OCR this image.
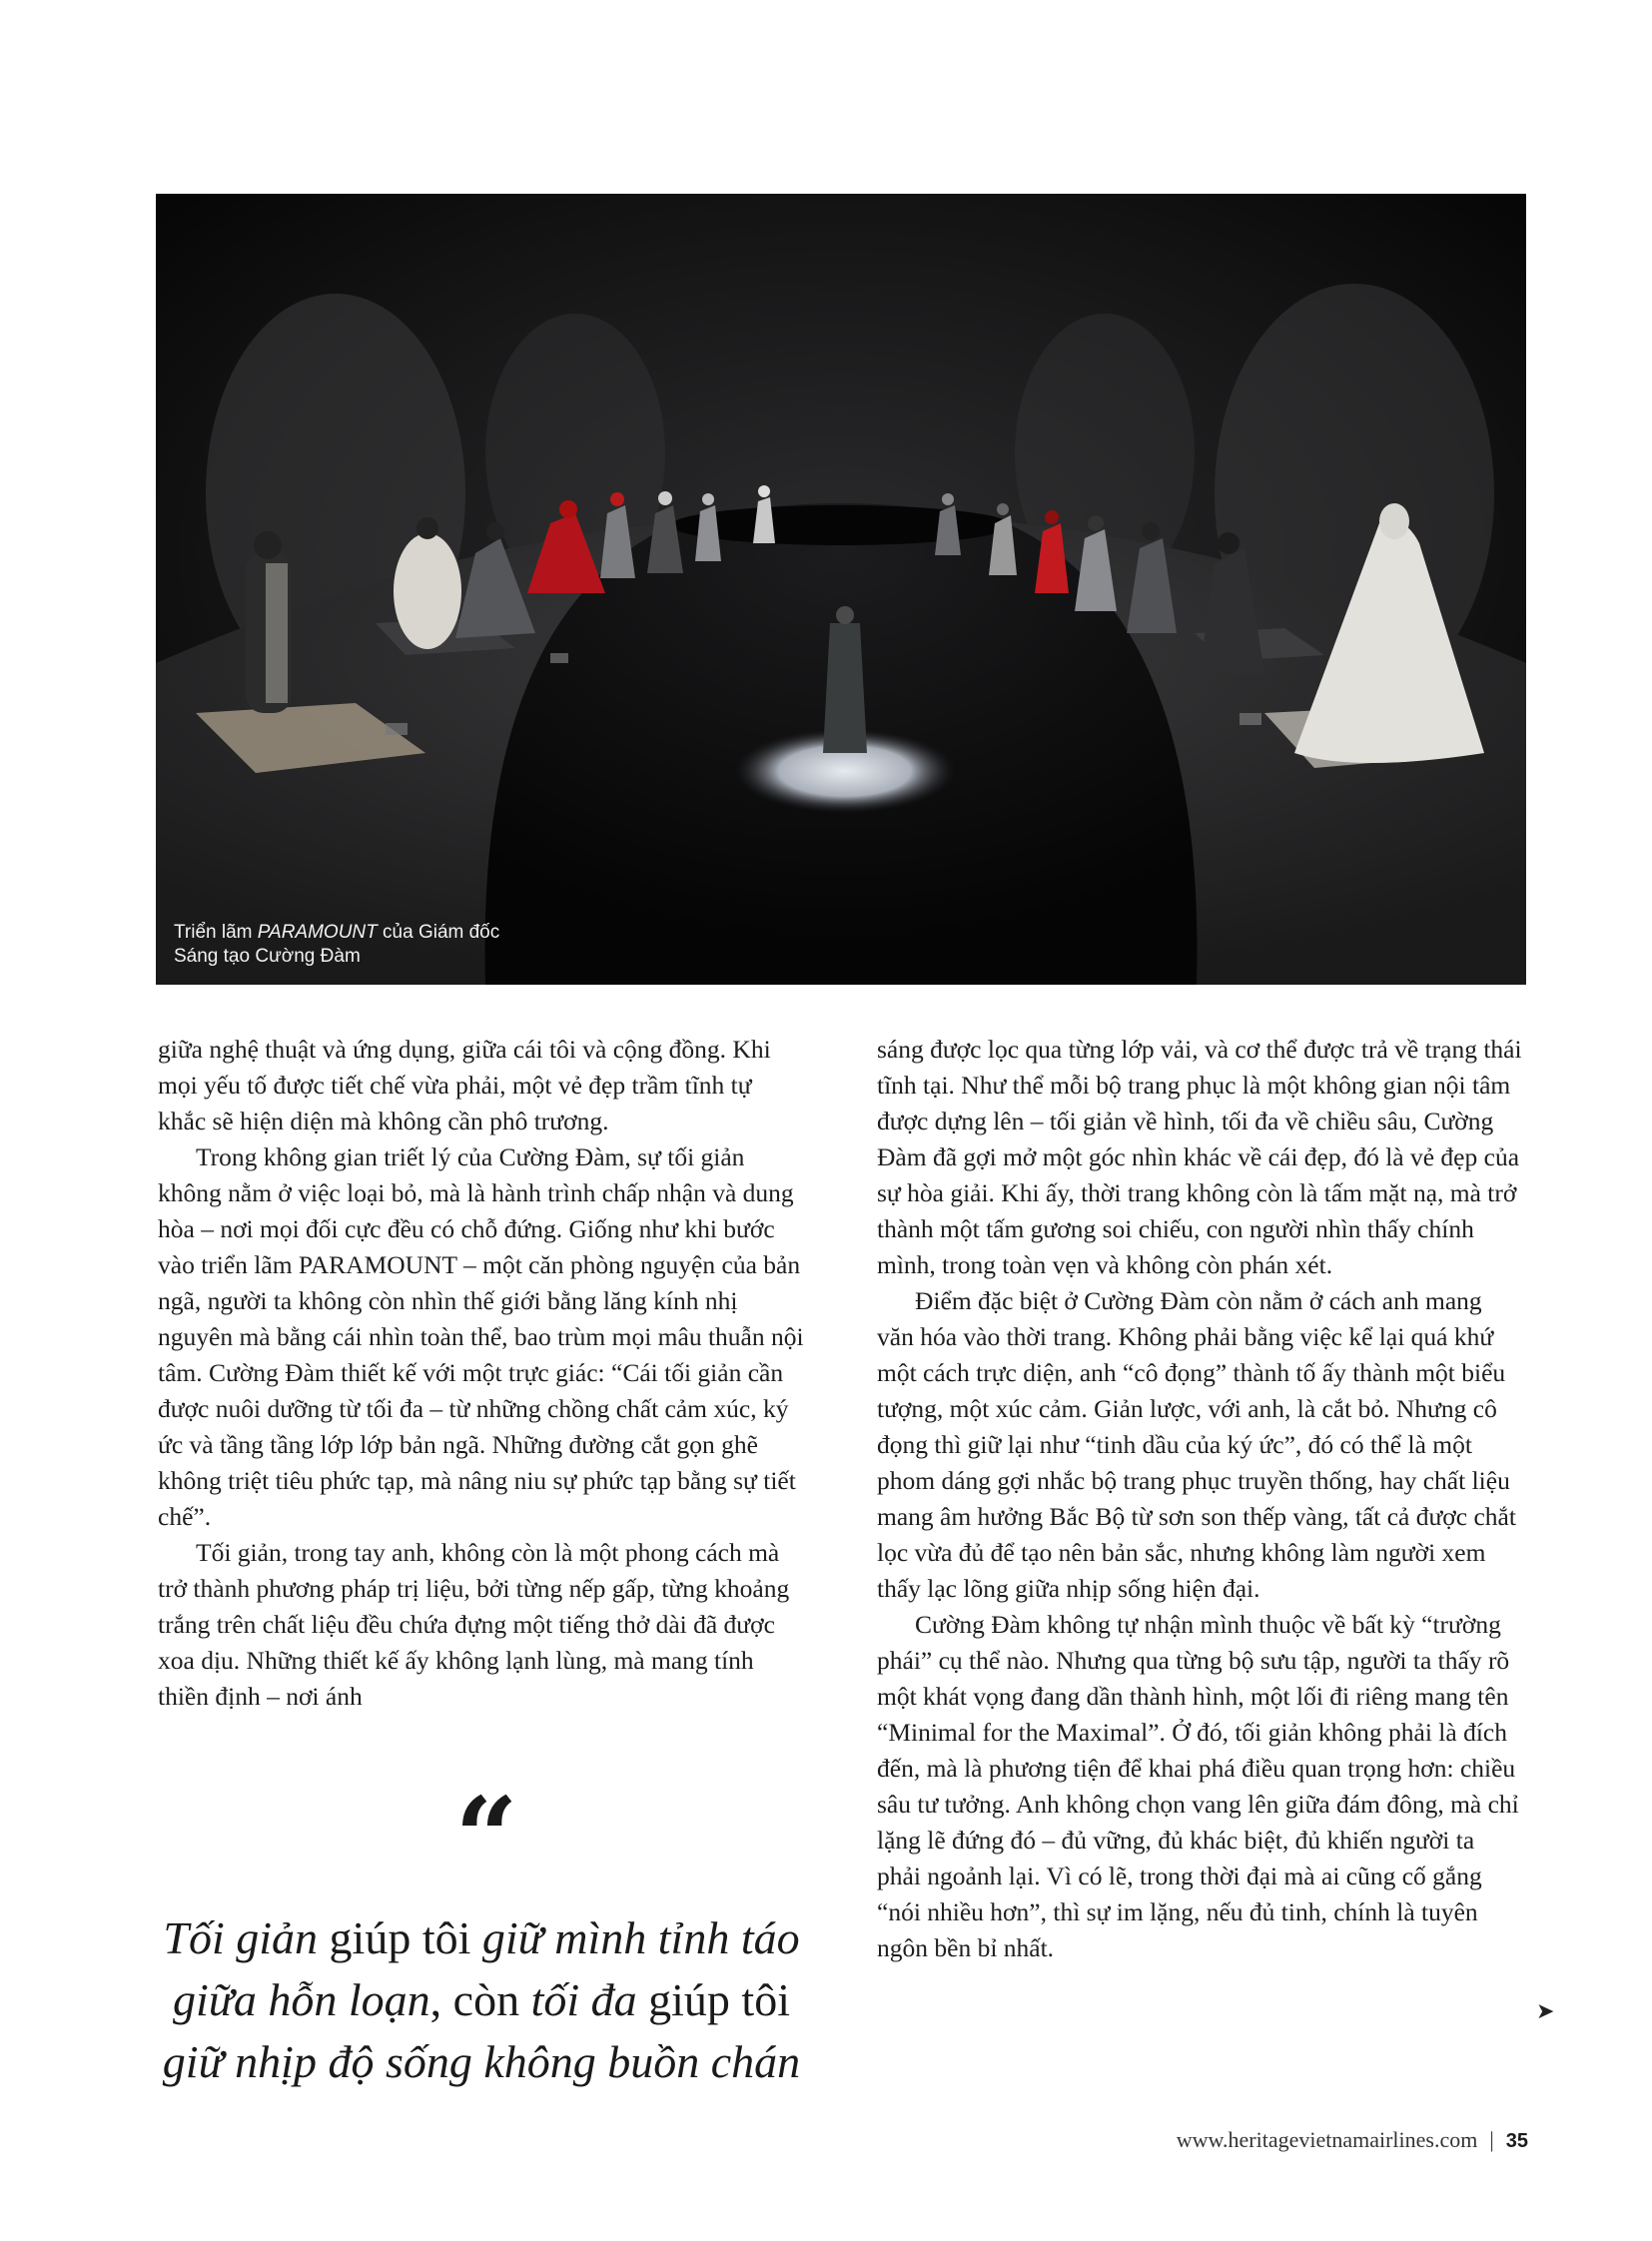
Triển lãm PARAMOUNT của Giám đốc
Sáng tạo Cường Đàm

giữa nghệ thuật và ứng dụng, giữa cái tôi và cộng đồng. Khi mọi yếu tố được tiết chế vừa phải, một vẻ đẹp trầm tĩnh tự khắc sẽ hiện diện mà không cần phô trương.

Trong không gian triết lý của Cường Đàm, sự tối giản không nằm ở việc loại bỏ, mà là hành trình chấp nhận và dung hòa – nơi mọi đối cực đều có chỗ đứng. Giống như khi bước vào triển lãm PARAMOUNT – một căn phòng nguyện của bản ngã, người ta không còn nhìn thế giới bằng lăng kính nhị nguyên mà bằng cái nhìn toàn thể, bao trùm mọi mâu thuẫn nội tâm. Cường Đàm thiết kế với một trực giác: “Cái tối giản cần được nuôi dưỡng từ tối đa – từ những chồng chất cảm xúc, ký ức và tầng tầng lớp lớp bản ngã. Những đường cắt gọn ghẽ không triệt tiêu phức tạp, mà nâng niu sự phức tạp bằng sự tiết chế”.

Tối giản, trong tay anh, không còn là một phong cách mà trở thành phương pháp trị liệu, bởi từng nếp gấp, từng khoảng trắng trên chất liệu đều chứa đựng một tiếng thở dài đã được xoa dịu. Những thiết kế ấy không lạnh lùng, mà mang tính thiền định – nơi ánh

“
Tối giản giúp tôi giữ mình tỉnh táo
giữa hỗn loạn, còn tối đa giúp tôi
giữ nhịp độ sống không buồn chán

sáng được lọc qua từng lớp vải, và cơ thể được trả về trạng thái tĩnh tại. Như thể mỗi bộ trang phục là một không gian nội tâm được dựng lên – tối giản về hình, tối đa về chiều sâu, Cường Đàm đã gợi mở một góc nhìn khác về cái đẹp, đó là vẻ đẹp của sự hòa giải. Khi ấy, thời trang không còn là tấm mặt nạ, mà trở thành một tấm gương soi chiếu, con người nhìn thấy chính mình, trong toàn vẹn và không còn phán xét.

Điểm đặc biệt ở Cường Đàm còn nằm ở cách anh mang văn hóa vào thời trang. Không phải bằng việc kể lại quá khứ một cách trực diện, anh “cô đọng” thành tố ấy thành một biểu tượng, một xúc cảm. Giản lược, với anh, là cắt bỏ. Nhưng cô đọng thì giữ lại như “tinh dầu của ký ức”, đó có thể là một phom dáng gợi nhắc bộ trang phục truyền thống, hay chất liệu mang âm hưởng Bắc Bộ từ sơn son thếp vàng, tất cả được chắt lọc vừa đủ để tạo nên bản sắc, nhưng không làm người xem thấy lạc lõng giữa nhịp sống hiện đại.

Cường Đàm không tự nhận mình thuộc về bất kỳ “trường phái” cụ thể nào. Nhưng qua từng bộ sưu tập, người ta thấy rõ một khát vọng đang dần thành hình, một lối đi riêng mang tên “Minimal for the Maximal”. Ở đó, tối giản không phải là đích đến, mà là phương tiện để khai phá điều quan trọng hơn: chiều sâu tư tưởng. Anh không chọn vang lên giữa đám đông, mà chỉ lặng lẽ đứng đó – đủ vững, đủ khác biệt, đủ khiến người ta phải ngoảnh lại. Vì có lẽ, trong thời đại mà ai cũng cố gắng “nói nhiều hơn”, thì sự im lặng, nếu đủ tinh, chính là tuyên ngôn bền bỉ nhất.

➤
www.heritagevietnamairlines.com | 35
